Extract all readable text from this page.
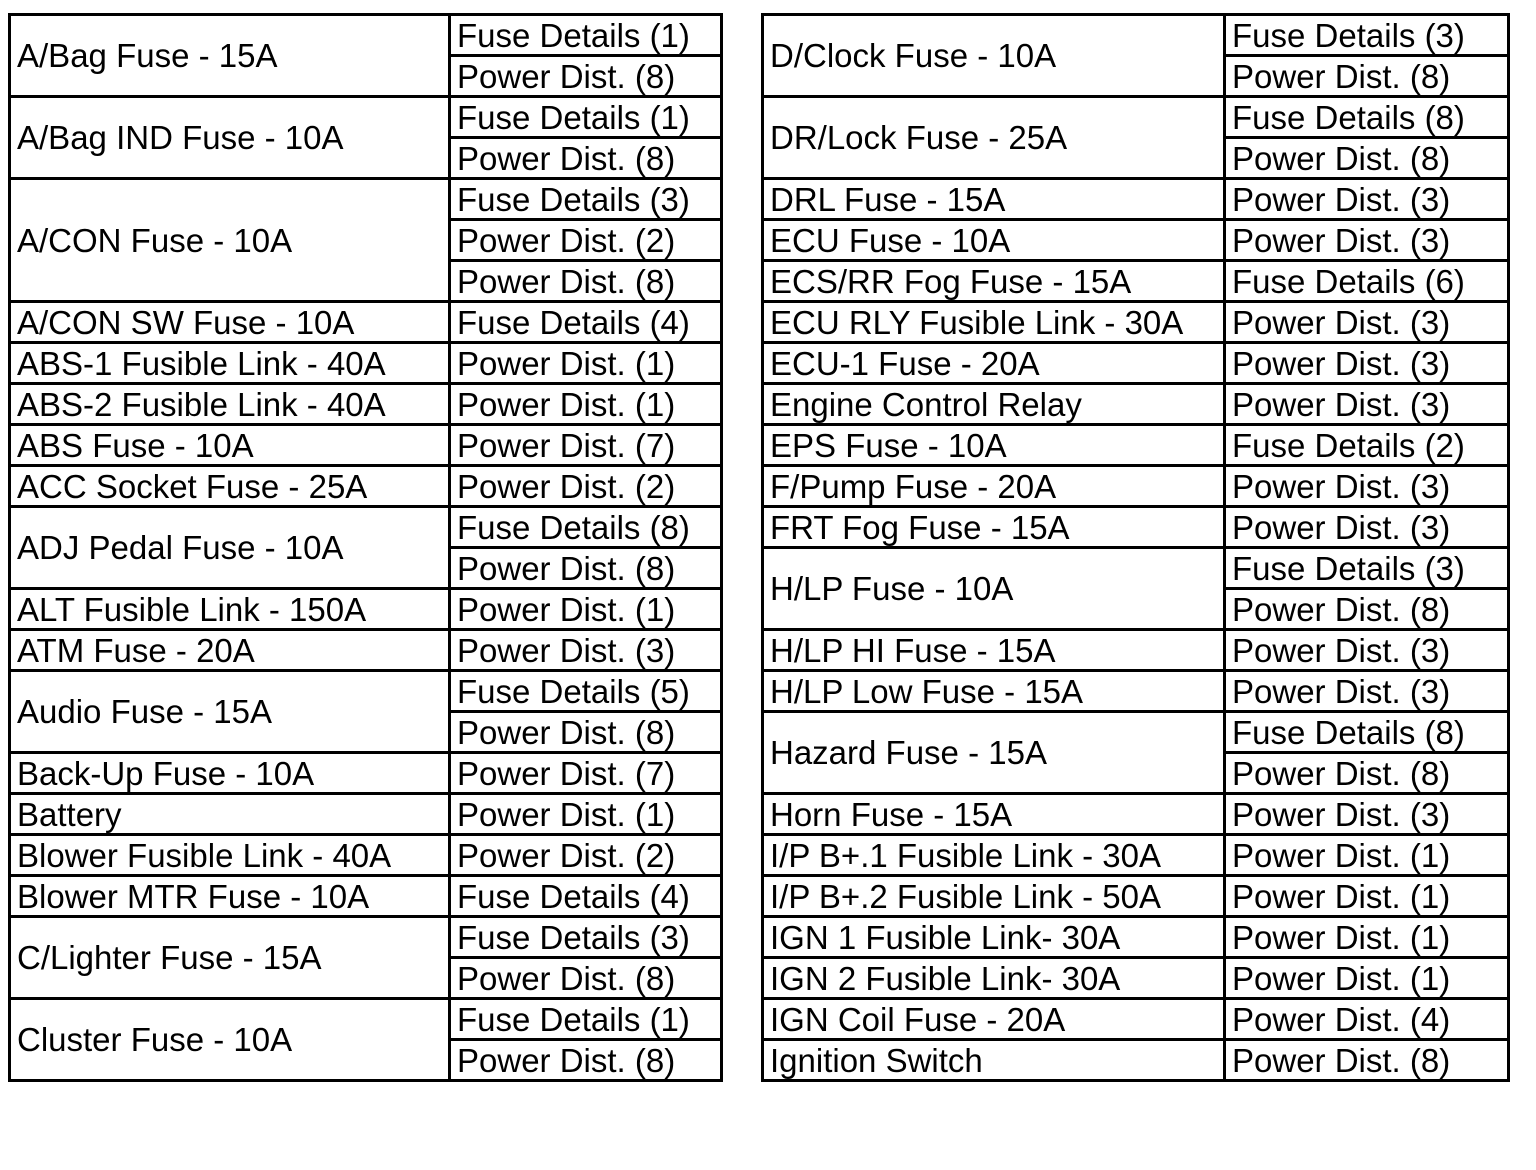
A/Bag Fuse - 15A	Fuse Details (1)
	Power Dist. (8)
A/Bag IND Fuse - 10A	Fuse Details (1)
	Power Dist. (8)
A/CON Fuse - 10A	Fuse Details (3)
	Power Dist. (2)
	Power Dist. (8)
A/CON SW Fuse - 10A	Fuse Details (4)
ABS-1 Fusible Link - 40A	Power Dist. (1)
ABS-2 Fusible Link - 40A	Power Dist. (1)
ABS Fuse - 10A	Power Dist. (7)
ACC Socket Fuse - 25A	Power Dist. (2)
ADJ Pedal Fuse - 10A	Fuse Details (8)
	Power Dist. (8)
ALT Fusible Link - 150A	Power Dist. (1)
ATM Fuse - 20A	Power Dist. (3)
Audio Fuse - 15A	Fuse Details (5)
	Power Dist. (8)
Back-Up Fuse - 10A	Power Dist. (7)
Battery	Power Dist. (1)
Blower Fusible Link - 40A	Power Dist. (2)
Blower MTR Fuse - 10A	Fuse Details (4)
C/Lighter Fuse - 15A	Fuse Details (3)
	Power Dist. (8)
Cluster Fuse - 10A	Fuse Details (1)
	Power Dist. (8)
D/Clock Fuse - 10A	Fuse Details (3)
	Power Dist. (8)
DR/Lock Fuse - 25A	Fuse Details (8)
	Power Dist. (8)
DRL Fuse - 15A	Power Dist. (3)
ECU Fuse - 10A	Power Dist. (3)
ECS/RR Fog Fuse - 15A	Fuse Details (6)
ECU RLY Fusible Link - 30A	Power Dist. (3)
ECU-1 Fuse - 20A	Power Dist. (3)
Engine Control Relay	Power Dist. (3)
EPS Fuse - 10A	Fuse Details (2)
F/Pump Fuse - 20A	Power Dist. (3)
FRT Fog Fuse - 15A	Power Dist. (3)
H/LP Fuse - 10A	Fuse Details (3)
	Power Dist. (8)
H/LP HI Fuse - 15A	Power Dist. (3)
H/LP Low Fuse - 15A	Power Dist. (3)
Hazard Fuse - 15A	Fuse Details (8)
	Power Dist. (8)
Horn Fuse - 15A	Power Dist. (3)
I/P B+.1 Fusible Link - 30A	Power Dist. (1)
I/P B+.2 Fusible Link - 50A	Power Dist. (1)
IGN 1 Fusible Link- 30A	Power Dist. (1)
IGN 2 Fusible Link- 30A	Power Dist. (1)
IGN Coil Fuse - 20A	Power Dist. (4)
Ignition Switch	Power Dist. (8)
